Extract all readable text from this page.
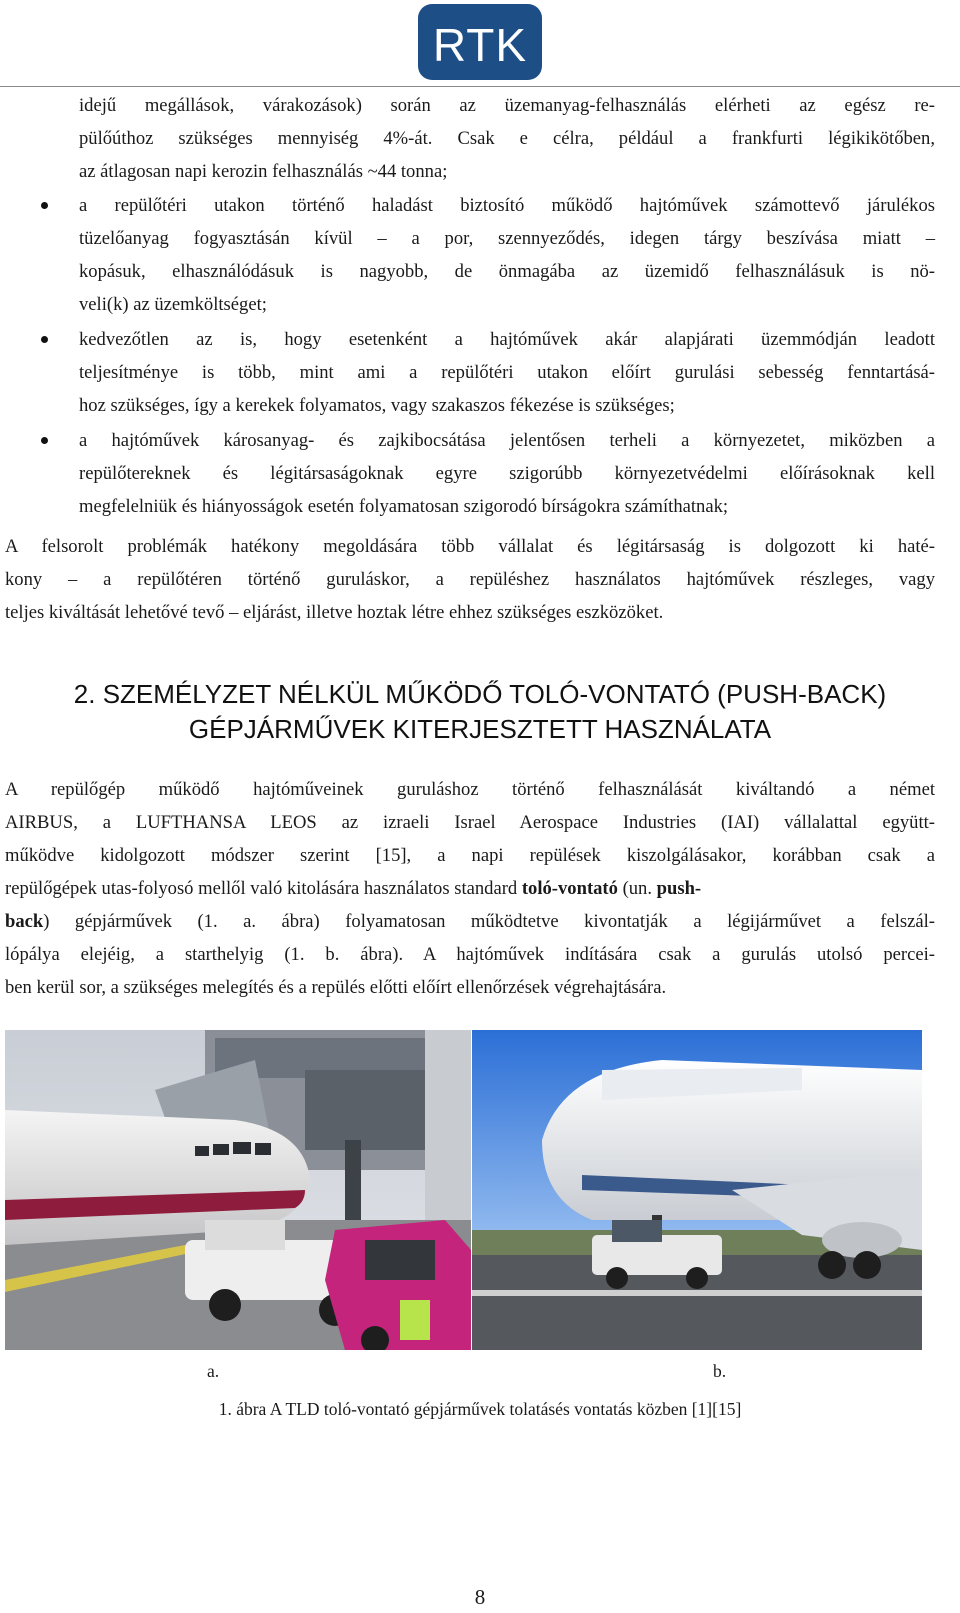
RTK
idejű megállások, várakozások) során az üzemanyag-felhasználás elérheti az egész re-
pülőúthoz szükséges mennyiség 4%-át. Csak e célra, például a frankfurti légikikötőben,
az átlagosan napi kerozin felhasználás ~44 tonna;
a repülőtéri utakon történő haladást biztosító működő hajtóművek számottevő járulékos
tüzelőanyag fogyasztásán kívül – a por, szennyeződés, idegen tárgy beszívása miatt –
kopásuk, elhasználódásuk is nagyobb, de önmagába az üzemidő felhasználásuk is nö-
veli(k) az üzemköltséget;
kedvezőtlen az is, hogy esetenként a hajtóművek akár alapjárati üzemmódján leadott
teljesítménye is több, mint ami a repülőtéri utakon előírt gurulási sebesség fenntartásá-
hoz szükséges, így a kerekek folyamatos, vagy szakaszos fékezése is szükséges;
a hajtóművek károsanyag- és zajkibocsátása jelentősen terheli a környezetet, miközben a
repülőtereknek és légitársaságoknak egyre szigorúbb környezetvédelmi előírásoknak kell
megfelelniük és hiányosságok esetén folyamatosan szigorodó bírságokra számíthatnak;
A felsorolt problémák hatékony megoldására több vállalat és légitársaság is dolgozott ki haté-
kony – a repülőtéren történő guruláskor, a repüléshez használatos hajtóművek részleges, vagy
teljes kiváltását lehetővé tevő – eljárást, illetve hoztak létre ehhez szükséges eszközöket.
2. SZEMÉLYZET NÉLKÜL MŰKÖDŐ TOLÓ-VONTATÓ (PUSH-BACK)
GÉPJÁRMŰVEK KITERJESZTETT HASZNÁLATA
A repülőgép működő hajtóműveinek guruláshoz történő felhasználását kiváltandó a német
AIRBUS, a LUFTHANSA LEOS az izraeli Israel Aerospace Industries (IAI) vállalattal együtt-
működve kidolgozott módszer szerint [15], a napi repülések kiszolgálásakor, korábban csak a
repülőgépek utas-folyosó mellől való kitolására használatos standard toló-vontató (un. push-
back) gépjárművek (1. a. ábra) folyamatosan működtetve kivontatják a légijárművet a felszál-
lópálya elejéig, a starthelyig (1. b. ábra). A hajtóművek indítására csak a gurulás utolsó percei-
ben kerül sor, a szükséges melegítés és a repülés előtti előírt ellenőrzések végrehajtására.
a.	b.
1. ábra A TLD toló-vontató gépjárművek tolatásés vontatás közben [1][15]
8
